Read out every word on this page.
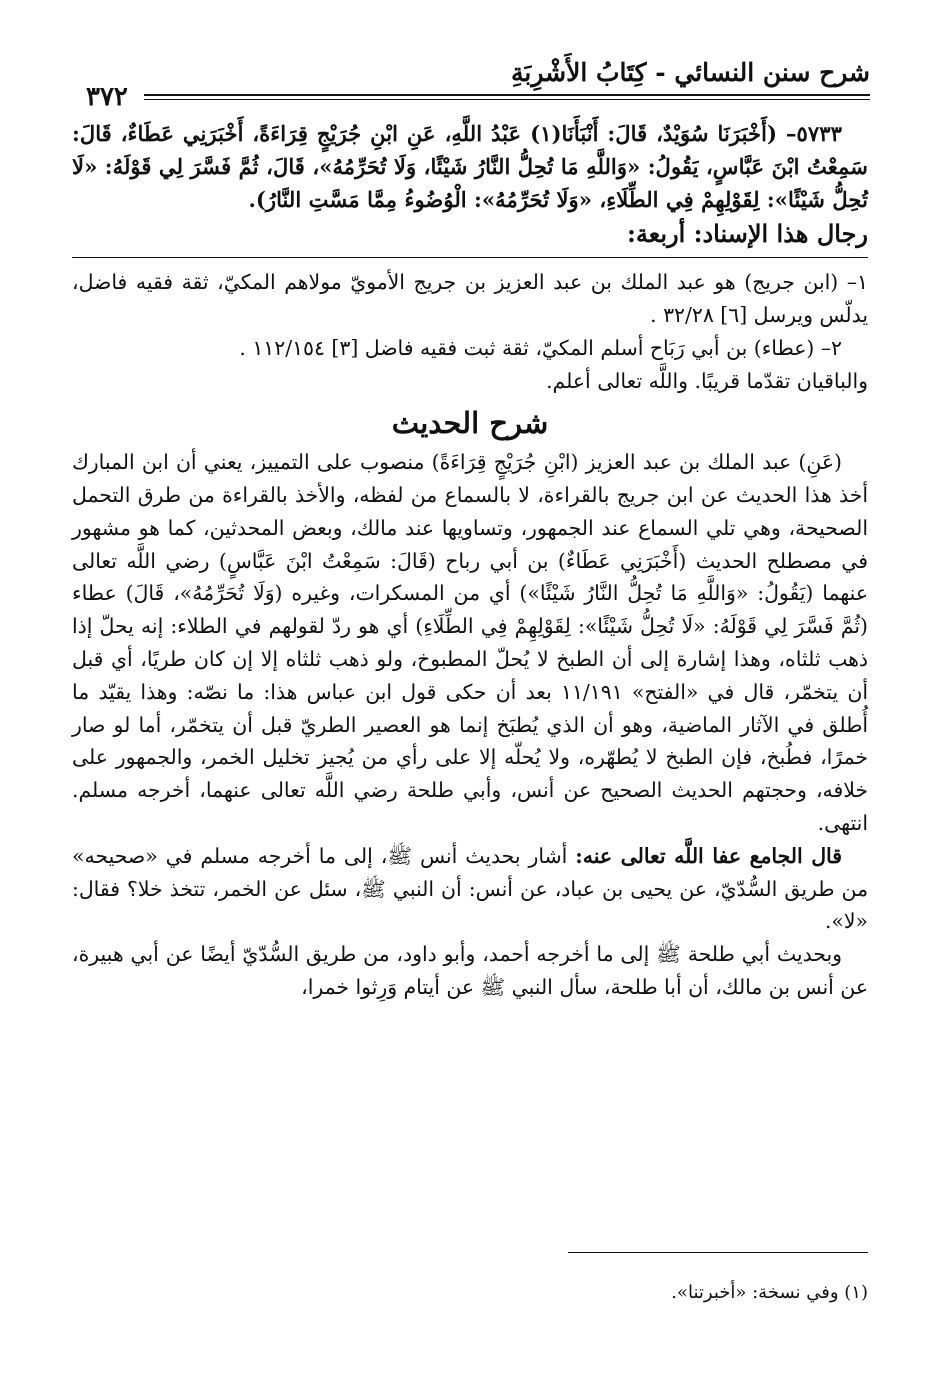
شرح سنن النسائي - كِتَابُ الأَشْرِبَةِ
٣٧٢

٥٧٣٣– (أَخْبَرَنَا سُوَيْدٌ، قَالَ: أَنْبَأَنَا(١) عَبْدُ اللَّهِ، عَنِ ابْنِ جُرَيْجٍ قِرَاءَةً، أَخْبَرَنِي عَطَاءٌ، قَالَ: سَمِعْتُ ابْنَ عَبَّاسٍ، يَقُولُ: «وَاللَّهِ مَا تُحِلُّ النَّارُ شَيْئًا، وَلَا تُحَرِّمُهُ»، قَالَ، ثُمَّ فَسَّرَ لِي قَوْلَهُ: «لَا تُحِلُّ شَيْئًا»: لِقَوْلِهِمْ فِي الطِّلَاءِ، «وَلَا تُحَرِّمُهُ»: الْوُضُوءُ مِمَّا مَسَّتِ النَّارُ).

رجال هذا الإسناد: أربعة:

١– (ابن جريج) هو عبد الملك بن عبد العزيز بن جريج الأمويّ مولاهم المكيّ، ثقة فقيه فاضل، يدلّس ويرسل [٦] ٣٢/٢٨ .

٢– (عطاء) بن أبي رَبَاح أسلم المكيّ، ثقة ثبت فقيه فاضل [٣] ١١٢/١٥٤ .

والباقيان تقدّما قريبًا. واللَّه تعالى أعلم.

شرح الحديث

(عَنِ) عبد الملك بن عبد العزيز (ابْنِ جُرَيْجٍ قِرَاءَةً) منصوب على التمييز، يعني أن ابن المبارك أخذ هذا الحديث عن ابن جريج بالقراءة، لا بالسماع من لفظه، والأخذ بالقراءة من طرق التحمل الصحيحة، وهي تلي السماع عند الجمهور، وتساويها عند مالك، وبعض المحدثين، كما هو مشهور في مصطلح الحديث (أَخْبَرَنِي عَطَاءٌ) بن أبي رباح (قَالَ: سَمِعْتُ ابْنَ عَبَّاسٍ) رضي اللَّه تعالى عنهما (يَقُولُ: «وَاللَّهِ مَا تُحِلُّ النَّارُ شَيْئًا») أي من المسكرات، وغيره (وَلَا تُحَرِّمُهُ»، قَالَ) عطاء (ثُمَّ فَسَّرَ لِي قَوْلَهُ: «لَا تُحِلُّ شَيْئًا»: لِقَوْلِهِمْ فِي الطِّلَاءِ) أي هو ردّ لقولهم في الطلاء: إنه يحلّ إذا ذهب ثلثاه، وهذا إشارة إلى أن الطبخ لا يُحلّ المطبوخ، ولو ذهب ثلثاه إلا إن كان طريًا، أي قبل أن يتخمّر، قال في «الفتح» ١١/١٩١ بعد أن حكى قول ابن عباس هذا: ما نصّه: وهذا يقيّد ما أُطلق في الآثار الماضية، وهو أن الذي يُطبَخ إنما هو العصير الطريّ قبل أن يتخمّر، أما لو صار خمرًا، فطُبخ، فإن الطبخ لا يُطهّره، ولا يُحلّه إلا على رأي من يُجيز تخليل الخمر، والجمهور على خلافه، وحجتهم الحديث الصحيح عن أنس، وأبي طلحة رضي اللَّه تعالى عنهما، أخرجه مسلم. انتهى.

قال الجامع عفا اللَّه تعالى عنه: أشار بحديث أنس ﷺ، إلى ما أخرجه مسلم في «صحيحه» من طريق السُّدّيّ، عن يحيى بن عباد، عن أنس: أن النبي ﷺ، سئل عن الخمر، تتخذ خلا؟ فقال: «لا».

وبحديث أبي طلحة ﷺ إلى ما أخرجه أحمد، وأبو داود، من طريق السُّدّيّ أيضًا عن أبي هبيرة، عن أنس بن مالك، أن أبا طلحة، سأل النبي ﷺ عن أيتام وَرِثوا خمرا،

(١) وفي نسخة: «أخبرتنا».
